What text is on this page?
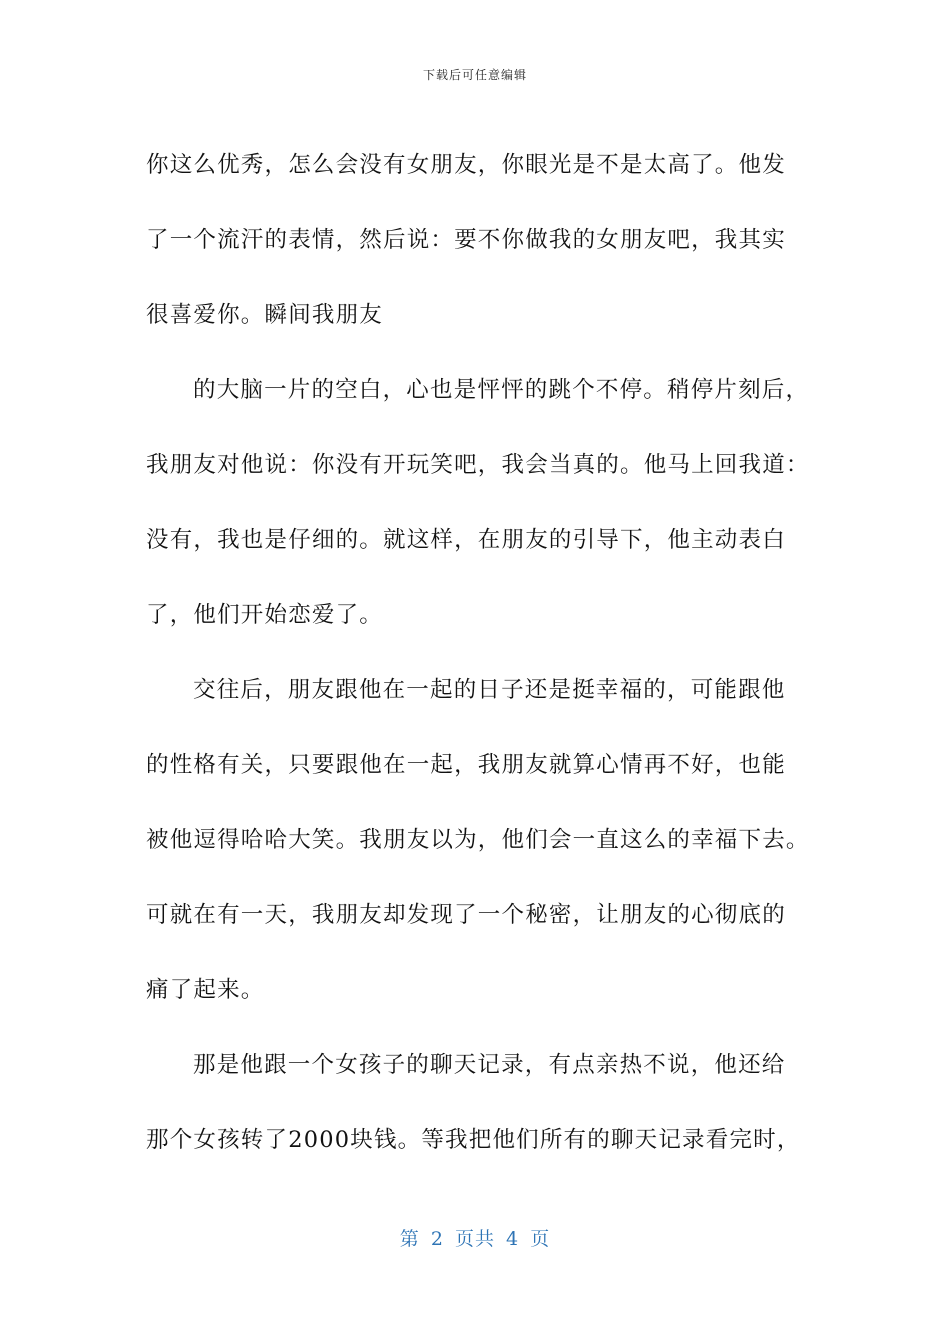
下载后可任意编辑
你这么优秀，怎么会没有女朋友，你眼光是不是太高了。他发
了一个流汗的表情，然后说：要不你做我的女朋友吧，我其实
很喜爱你。瞬间我朋友
的大脑一片的空白，心也是怦怦的跳个不停。稍停片刻后，
我朋友对他说：你没有开玩笑吧，我会当真的。他马上回我道：
没有，我也是仔细的。就这样，在朋友的引导下，他主动表白
了，他们开始恋爱了。
交往后，朋友跟他在一起的日子还是挺幸福的，可能跟他
的性格有关，只要跟他在一起，我朋友就算心情再不好，也能
被他逗得哈哈大笑。我朋友以为，他们会一直这么的幸福下去。
可就在有一天，我朋友却发现了一个秘密，让朋友的心彻底的
痛了起来。
那是他跟一个女孩子的聊天记录，有点亲热不说，他还给
那个女孩转了2000块钱。等我把他们所有的聊天记录看完时，
第 2 页共 4 页
